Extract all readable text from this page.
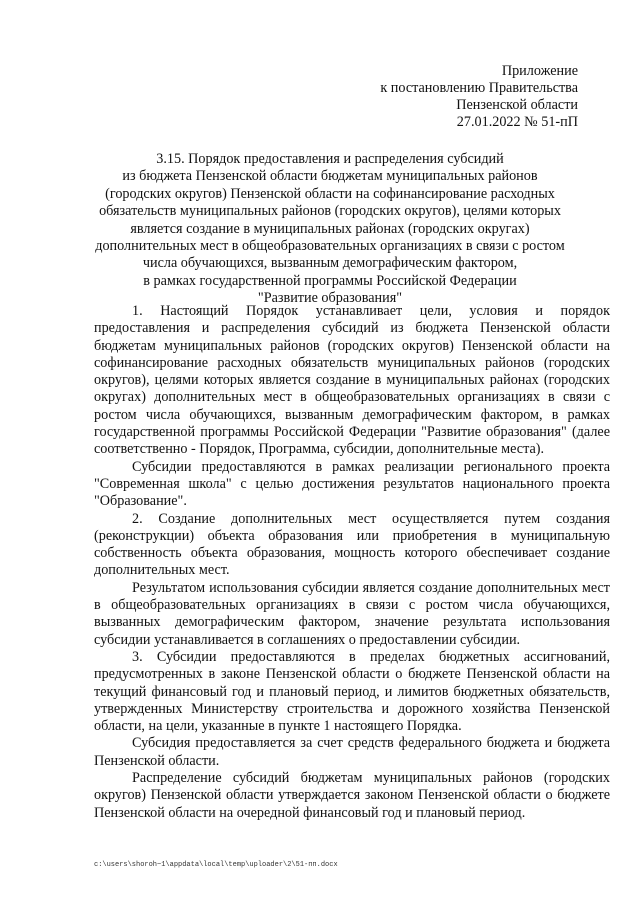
Приложение
к постановлению Правительства
Пензенской области
27.01.2022 № 51-пП
3.15. Порядок предоставления и распределения субсидий
из бюджета Пензенской области бюджетам муниципальных районов
(городских округов) Пензенской области на софинансирование расходных
обязательств муниципальных районов (городских округов), целями которых
является создание в муниципальных районах (городских округах)
дополнительных мест в общеобразовательных организациях в связи с ростом
числа обучающихся, вызванным демографическим фактором,
в рамках государственной программы Российской Федерации
"Развитие образования"

1. Настоящий Порядок устанавливает цели, условия и порядок предоставления и распределения субсидий из бюджета Пензенской области бюджетам муниципальных районов (городских округов) Пензенской области на софинансирование расходных обязательств муниципальных районов (городских округов), целями которых является создание в муниципальных районах (городских округах) дополнительных мест в общеобразовательных организациях в связи с ростом числа обучающихся, вызванным демографическим фактором, в рамках государственной программы Российской Федерации "Развитие образования" (далее соответственно - Порядок, Программа, субсидии, дополнительные места).

Субсидии предоставляются в рамках реализации регионального проекта "Современная школа" с целью достижения результатов национального проекта "Образование".

2. Создание дополнительных мест осуществляется путем создания (реконструкции) объекта образования или приобретения в муниципальную собственность объекта образования, мощность которого обеспечивает создание дополнительных мест.

Результатом использования субсидии является создание дополнительных мест в общеобразовательных организациях в связи с ростом числа обучающихся, вызванных демографическим фактором, значение результата использования субсидии устанавливается в соглашениях о предоставлении субсидии.

3. Субсидии предоставляются в пределах бюджетных ассигнований, предусмотренных в законе Пензенской области о бюджете Пензенской области на текущий финансовый год и плановый период, и лимитов бюджетных обязательств, утвержденных Министерству строительства и дорожного хозяйства Пензенской области, на цели, указанные в пункте 1 настоящего Порядка.

Субсидия предоставляется за счет средств федерального бюджета и бюджета Пензенской области.

Распределение субсидий бюджетам муниципальных районов (городских округов) Пензенской области утверждается законом Пензенской области о бюджете Пензенской области на очередной финансовый год и плановый период.

c:\users\shoroh~1\appdata\local\temp\uploader\2\51-пп.docx
